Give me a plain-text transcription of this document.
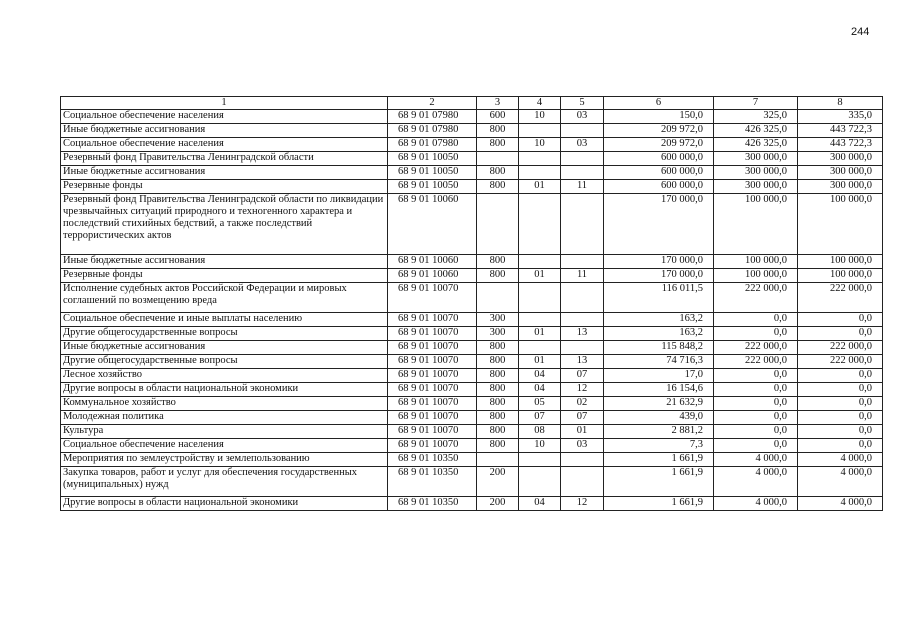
244
1	2	3	4	5	6	7	8
Социальное обеспечение населения	68 9 01 07980	600	10	03	150,0	325,0	335,0
Иные бюджетные ассигнования	68 9 01 07980	800			209 972,0	426 325,0	443 722,3
Социальное обеспечение населения	68 9 01 07980	800	10	03	209 972,0	426 325,0	443 722,3
Резервный фонд Правительства Ленинградской области	68 9 01 10050				600 000,0	300 000,0	300 000,0
Иные бюджетные ассигнования	68 9 01 10050	800			600 000,0	300 000,0	300 000,0
Резервные фонды	68 9 01 10050	800	01	11	600 000,0	300 000,0	300 000,0
Резервный фонд Правительства Ленинградской области по ликвидации чрезвычайных ситуаций природного и техногенного характера и последствий стихийных бедствий, а также последствий террористических актов	68 9 01 10060				170 000,0	100 000,0	100 000,0
Иные бюджетные ассигнования	68 9 01 10060	800			170 000,0	100 000,0	100 000,0
Резервные фонды	68 9 01 10060	800	01	11	170 000,0	100 000,0	100 000,0
Исполнение судебных актов Российской Федерации и мировых соглашений по возмещению вреда	68 9 01 10070				116 011,5	222 000,0	222 000,0
Социальное обеспечение и иные выплаты населению	68 9 01 10070	300			163,2	0,0	0,0
Другие общегосударственные вопросы	68 9 01 10070	300	01	13	163,2	0,0	0,0
Иные бюджетные ассигнования	68 9 01 10070	800			115 848,2	222 000,0	222 000,0
Другие общегосударственные вопросы	68 9 01 10070	800	01	13	74 716,3	222 000,0	222 000,0
Лесное хозяйство	68 9 01 10070	800	04	07	17,0	0,0	0,0
Другие вопросы в области национальной экономики	68 9 01 10070	800	04	12	16 154,6	0,0	0,0
Коммунальное хозяйство	68 9 01 10070	800	05	02	21 632,9	0,0	0,0
Молодежная политика	68 9 01 10070	800	07	07	439,0	0,0	0,0
Культура	68 9 01 10070	800	08	01	2 881,2	0,0	0,0
Социальное обеспечение населения	68 9 01 10070	800	10	03	7,3	0,0	0,0
Мероприятия по землеустройству и землепользованию	68 9 01 10350				1 661,9	4 000,0	4 000,0
Закупка товаров, работ и услуг для обеспечения государственных (муниципальных) нужд	68 9 01 10350	200			1 661,9	4 000,0	4 000,0
Другие вопросы в области национальной экономики	68 9 01 10350	200	04	12	1 661,9	4 000,0	4 000,0
